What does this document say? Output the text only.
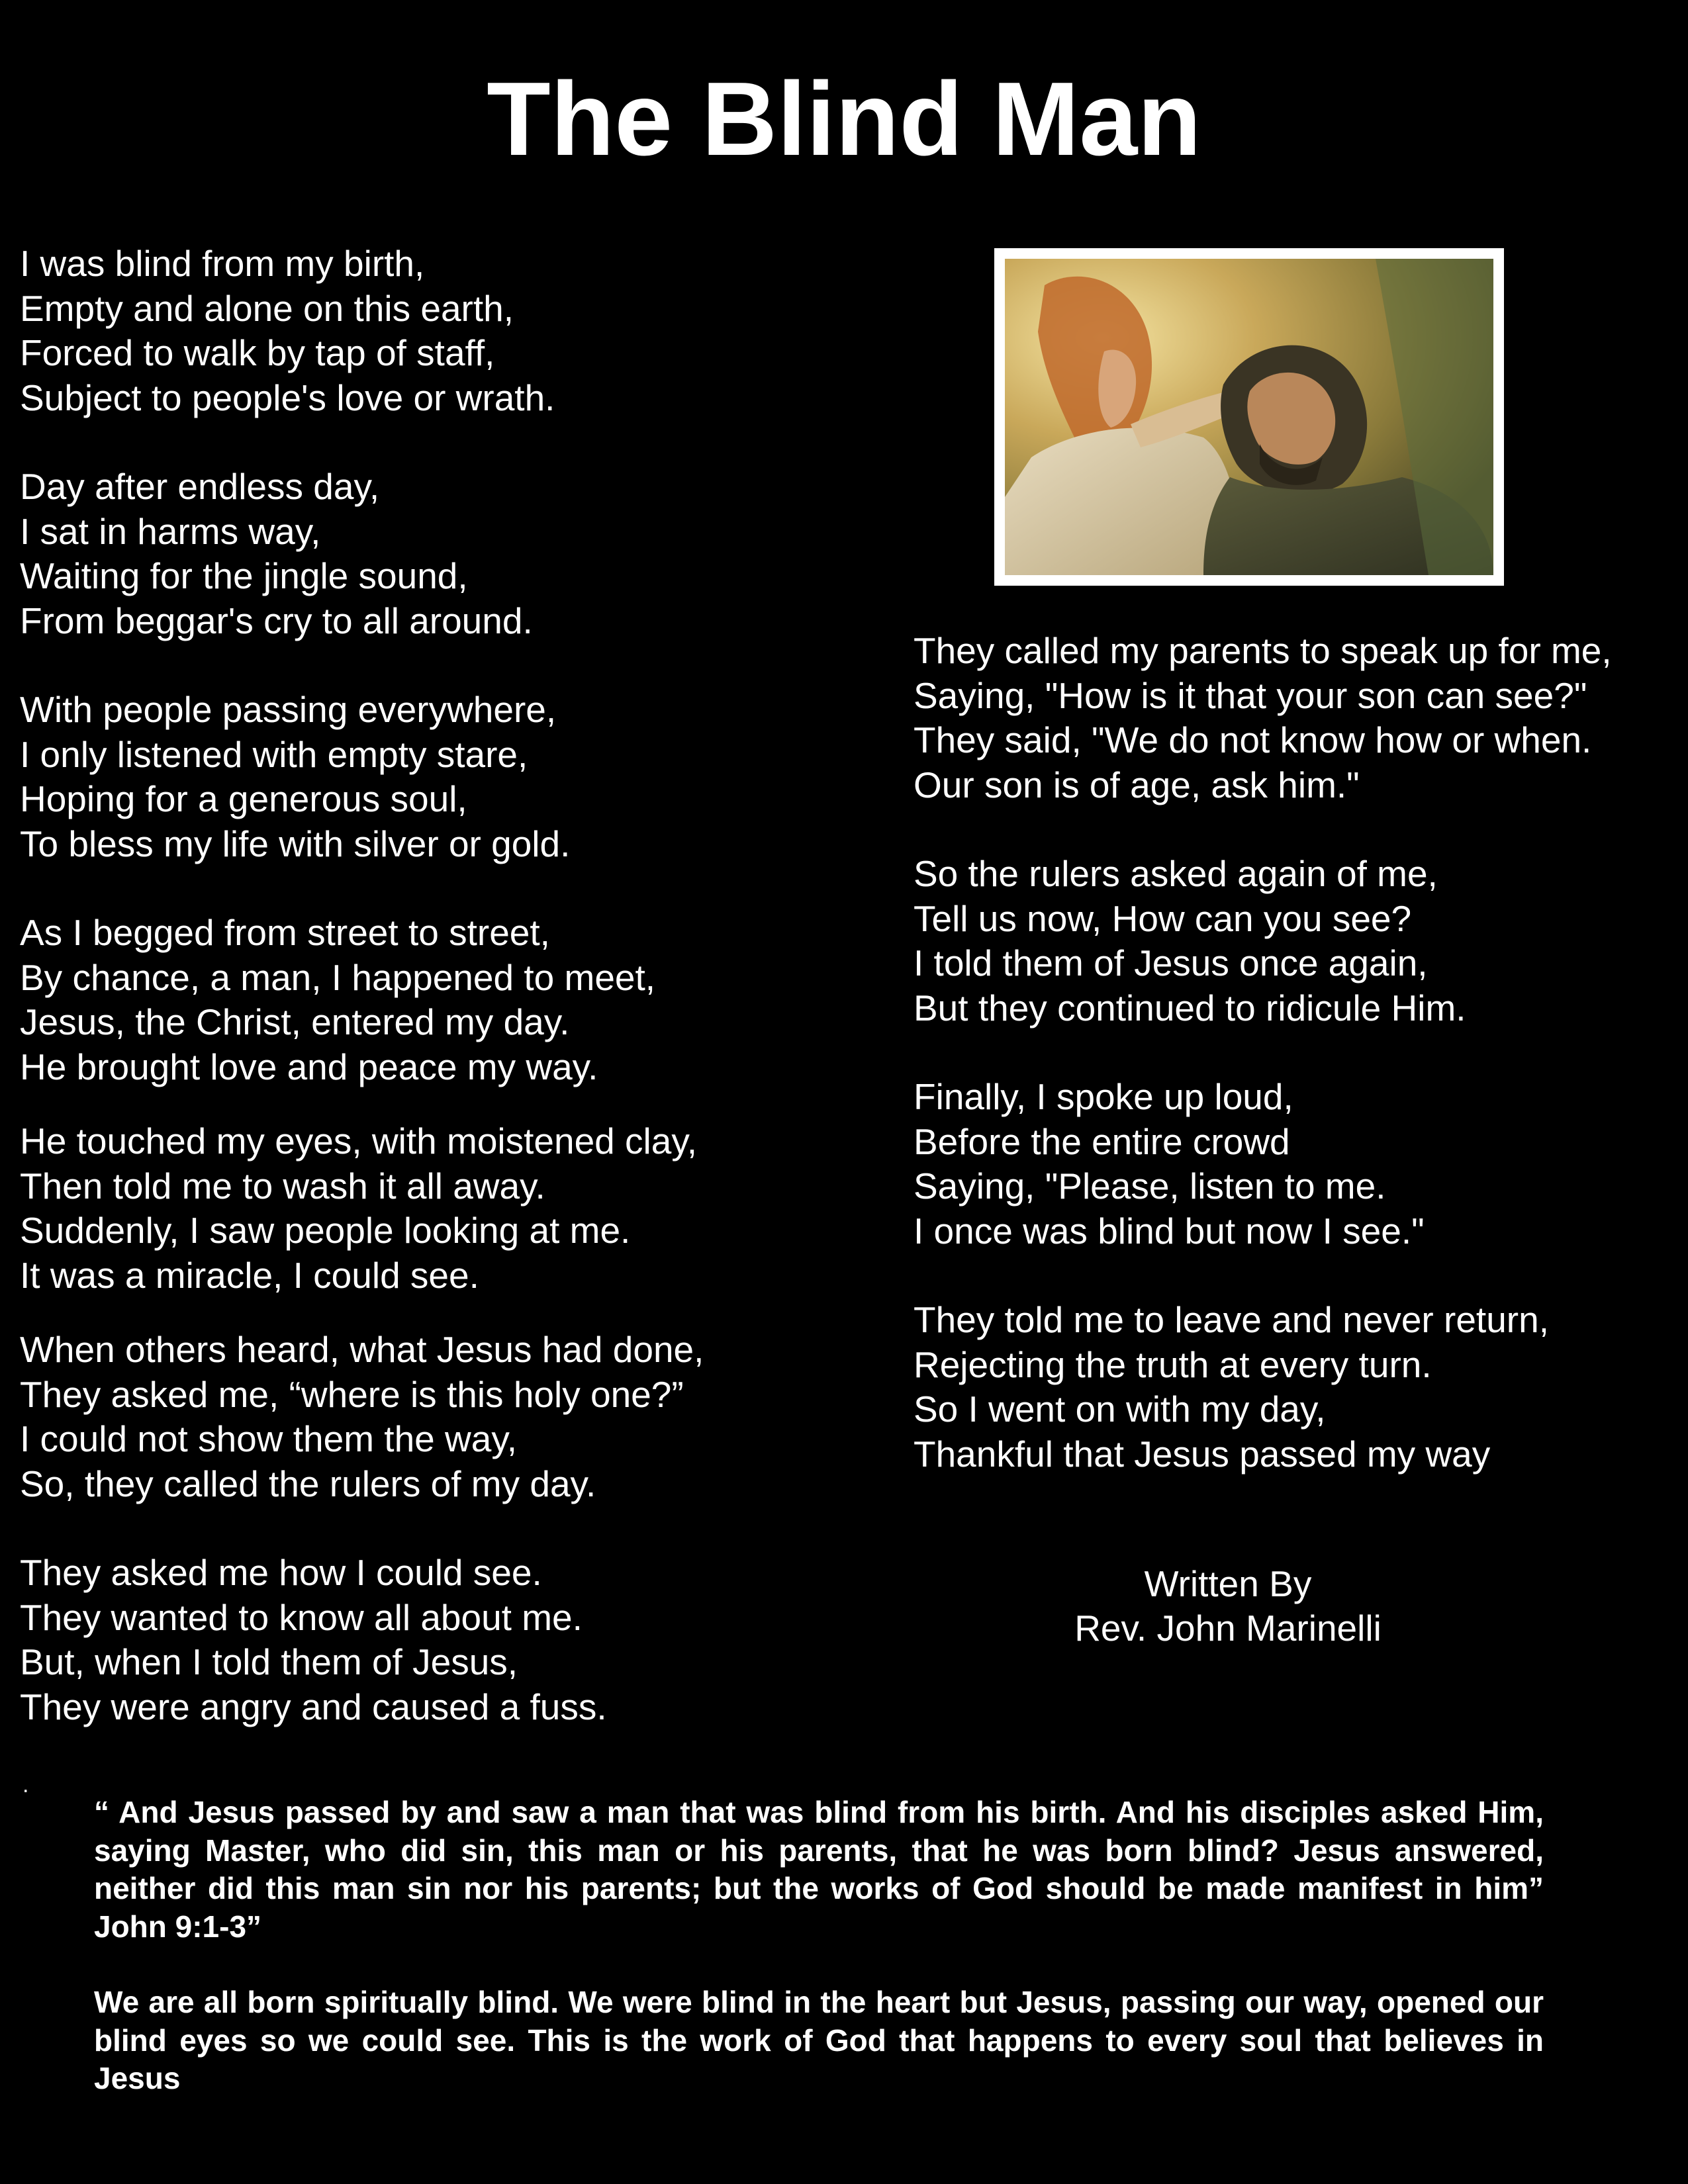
The Blind Man

I was blind from my birth,
Empty and alone on this earth,
Forced to walk by tap of staff,
Subject to people's love or wrath.

Day after endless day,
I sat in harms way,
Waiting for the jingle sound,
From beggar's cry to all around.

With people passing everywhere,
I only listened with empty stare,
Hoping for a generous soul,
To bless my life with silver or gold.

As I begged from street to street,
By chance, a man, I happened to meet,
Jesus, the Christ, entered my day.
He brought love and peace my way.

He touched my eyes, with moistened clay,
Then told me to wash it all away.
Suddenly, I saw people looking at me.
It was a miracle, I could see.

When others heard, what Jesus had done,
They asked me, “where is this holy one?”
I could not show them the way,
So, they called the rulers of my day.

They asked me how I could see.
They wanted to know all about me.
But, when I told them of Jesus,
They were angry and caused a fuss.

They called my parents to speak up for me,
Saying, "How is it that your son can see?"
They said, "We do not know how or when.
Our son is of age, ask him."

So the rulers asked again of me,
Tell us now, How can you see?
I told them of Jesus once again,
But they continued to ridicule Him.

Finally, I spoke up loud,
Before the entire crowd
Saying, "Please, listen to me.
I once was blind but now I see."

They told me to leave and never return,
Rejecting the truth at every turn.
So I went on with my day,
Thankful that Jesus passed my way

Written By
Rev. John Marinelli
.

“ And Jesus passed by and saw a man that was blind from his birth. And his disciples asked Him, saying Master, who did sin, this man or his parents, that he was born blind? Jesus answered, neither did this man sin nor his parents; but the works of God should be made manifest in him” John 9:1-3”

We are all born spiritually blind. We were blind in the heart but Jesus, passing our way, opened our blind eyes so we could see. This is the work of God that happens to every soul that believes in Jesus
